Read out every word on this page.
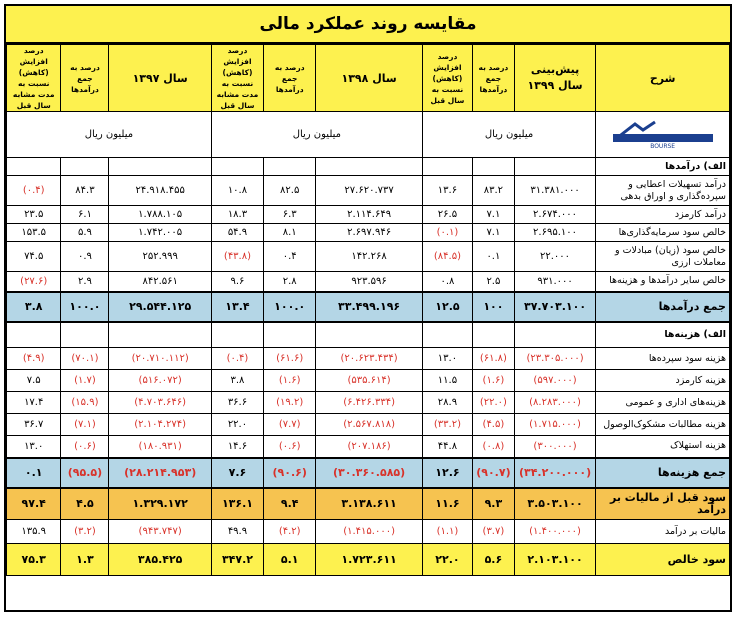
مقایسه روند عملکرد مالی
شرح	پیش‌بینی سال ۱۳۹۹	درصد به جمع درآمدها	درصد افزایش (کاهش) نسبت به سال قبل	سال ۱۳۹۸	درصد به جمع درآمدها	درصد افزایش (کاهش) نسبت به مدت مشابه سال قبل	سال ۱۳۹۷	درصد به جمع درآمدها	درصد افزایش (کاهش) نسبت به مدت مشابه سال قبل

BOURSE	میلیون ریال			میلیون ریال			میلیون ریال		
الف) درآمدها									
درآمد تسهیلات اعطایی و سپرده‌گذاری و اوراق بدهی	۳۱.۳۸۱.۰۰۰	۸۳.۲	۱۳.۶	۲۷.۶۲۰.۷۳۷	۸۲.۵	۱۰.۸	۲۴.۹۱۸.۴۵۵	۸۴.۳	(۰.۴)
درآمد کارمزد	۲.۶۷۴.۰۰۰	۷.۱	۲۶.۵	۲.۱۱۴.۶۴۹	۶.۳	۱۸.۳	۱.۷۸۸.۱۰۵	۶.۱	۲۳.۵
خالص سود سرمایه‌گذاری‌ها	۲.۶۹۵.۱۰۰	۷.۱	(۰.۱)	۲.۶۹۷.۹۴۶	۸.۱	۵۴.۹	۱.۷۴۲.۰۰۵	۵.۹	۱۵۳.۵
خالص سود (زیان) مبادلات و معاملات ارزی	۲۲.۰۰۰	۰.۱	(۸۴.۵)	۱۴۲.۲۶۸	۰.۴	(۴۳.۸)	۲۵۲.۹۹۹	۰.۹	۷۴.۵
خالص سایر درآمدها و هزینه‌ها	۹۳۱.۰۰۰	۲.۵	۰.۸	۹۲۳.۵۹۶	۲.۸	۹.۶	۸۴۲.۵۶۱	۲.۹	(۲۷.۶)
جمع درآمدها	۳۷.۷۰۳.۱۰۰	۱۰۰	۱۲.۵	۳۳.۴۹۹.۱۹۶	۱۰۰.۰	۱۳.۴	۲۹.۵۴۴.۱۲۵	۱۰۰.۰	۳.۸
الف) هزینه‌ها									
هزینه سود سپرده‌ها	(۲۳.۳۰۵.۰۰۰)	(۶۱.۸)	۱۳.۰	(۲۰.۶۲۳.۴۳۴)	(۶۱.۶)	(۰.۴)	(۲۰.۷۱۰.۱۱۲)	(۷۰.۱)	(۴.۹)
هزینه کارمزد	(۵۹۷.۰۰۰)	(۱.۶)	۱۱.۵	(۵۳۵.۶۱۴)	(۱.۶)	۳.۸	(۵۱۶.۰۷۲)	(۱.۷)	۷.۵
هزینه‌های اداری و عمومی	(۸.۲۸۳.۰۰۰)	(۲۲.۰)	۲۸.۹	(۶.۴۲۶.۳۳۴)	(۱۹.۲)	۳۶.۶	(۴.۷۰۳.۶۴۶)	(۱۵.۹)	۱۷.۴
هزینه مطالبات مشکوک‌الوصول	(۱.۷۱۵.۰۰۰)	(۴.۵)	(۳۳.۲)	(۲.۵۶۷.۸۱۸)	(۷.۷)	۲۲.۰	(۲.۱۰۴.۲۷۴)	(۷.۱)	۳۶.۷
هزینه استهلاک	(۳۰۰.۰۰۰)	(۰.۸)	۴۴.۸	(۲۰۷.۱۸۶)	(۰.۶)	۱۴.۶	(۱۸۰.۹۳۱)	(۰.۶)	۱۳.۰
جمع هزینه‌ها	(۳۴.۲۰۰.۰۰۰)	(۹۰.۷)	۱۲.۶	(۳۰.۳۶۰.۵۸۵)	(۹۰.۶)	۷.۶	(۲۸.۲۱۴.۹۵۳)	(۹۵.۵)	۰.۱
سود قبل از مالیات بر درآمد	۳.۵۰۳.۱۰۰	۹.۳	۱۱.۶	۳.۱۳۸.۶۱۱	۹.۴	۱۳۶.۱	۱.۳۲۹.۱۷۲	۴.۵	۹۷.۴
مالیات بر درآمد	(۱.۴۰۰.۰۰۰)	(۳.۷)	(۱.۱)	(۱.۴۱۵.۰۰۰)	(۴.۲)	۴۹.۹	(۹۴۳.۷۴۷)	(۳.۲)	۱۳۵.۹
سود خالص	۲.۱۰۳.۱۰۰	۵.۶	۲۲.۰	۱.۷۲۳.۶۱۱	۵.۱	۳۴۷.۲	۳۸۵.۴۲۵	۱.۳	۷۵.۳
